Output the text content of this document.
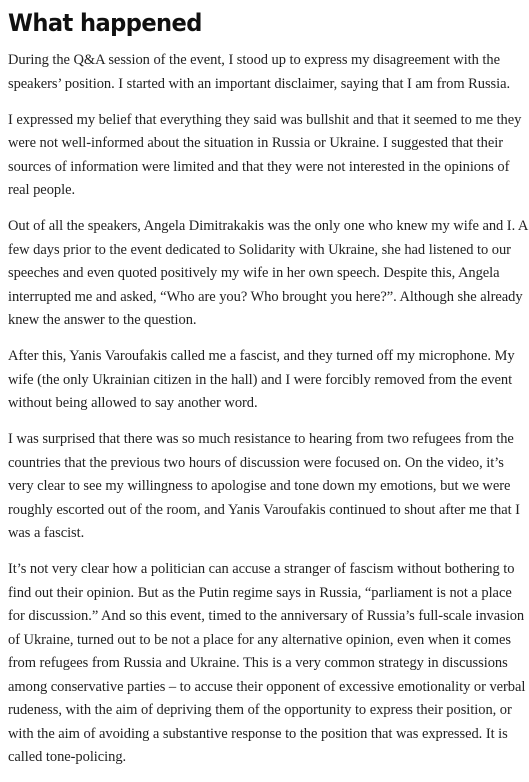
What happened

During the Q&A session of the event, I stood up to express my disagreement with the speakers’ position. I started with an important disclaimer, saying that I am from Russia.

I expressed my belief that everything they said was bullshit and that it seemed to me they were not well-informed about the situation in Russia or Ukraine. I suggested that their sources of information were limited and that they were not interested in the opinions of real people.

Out of all the speakers, Angela Dimitrakakis was the only one who knew my wife and I. A few days prior to the event dedicated to Solidarity with Ukraine, she had listened to our speeches and even quoted positively my wife in her own speech. Despite this, Angela interrupted me and asked, “Who are you? Who brought you here?”. Although she already knew the answer to the question.

After this, Yanis Varoufakis called me a fascist, and they turned off my microphone. My wife (the only Ukrainian citizen in the hall) and I were forcibly removed from the event without being allowed to say another word.

I was surprised that there was so much resistance to hearing from two refugees from the countries that the previous two hours of discussion were focused on. On the video, it’s very clear to see my willingness to apologise and tone down my emotions, but we were roughly escorted out of the room, and Yanis Varoufakis continued to shout after me that I was a fascist.

It’s not very clear how a politician can accuse a stranger of fascism without bothering to find out their opinion. But as the Putin regime says in Russia, “parliament is not a place for discussion.” And so this event, timed to the anniversary of Russia’s full-scale invasion of Ukraine, turned out to be not a place for any alternative opinion, even when it comes from refugees from Russia and Ukraine. This is a very common strategy in discussions among conservative parties – to accuse their opponent of excessive emotionality or verbal rudeness, with the aim of depriving them of the opportunity to express their position, or with the aim of avoiding a substantive response to the position that was expressed. It is called tone-policing.
